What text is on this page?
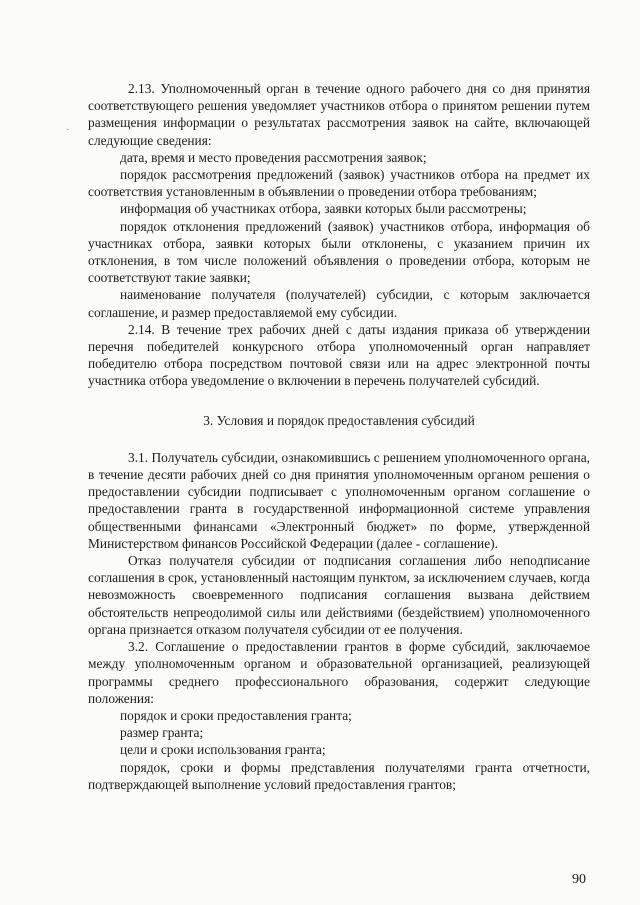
·

2.13. Уполномоченный орган в течение одного рабочего дня со дня принятия соответствующего решения уведомляет участников отбора о принятом решении путем размещения информации о результатах рассмотрения заявок на сайте, включающей следующие сведения:

дата, время и место проведения рассмотрения заявок;

порядок рассмотрения предложений (заявок) участников отбора на предмет их соответствия установленным в объявлении о проведении отбора требованиям;

информация об участниках отбора, заявки которых были рассмотрены;

порядок отклонения предложений (заявок) участников отбора, информация об участниках отбора, заявки которых были отклонены, с указанием причин их отклонения, в том числе положений объявления о проведении отбора, которым не соответствуют такие заявки;

наименование получателя (получателей) субсидии, с которым заключается соглашение, и размер предоставляемой ему субсидии.

2.14. В течение трех рабочих дней с даты издания приказа об утверждении перечня победителей конкурсного отбора уполномоченный орган направляет победителю отбора посредством почтовой связи или на адрес электронной почты участника отбора уведомление о включении в перечень получателей субсидий.

3. Условия и порядок предоставления субсидий

3.1. Получатель субсидии, ознакомившись с решением уполномоченного органа, в течение десяти рабочих дней со дня принятия уполномоченным органом решения о предоставлении субсидии подписывает с уполномоченным органом соглашение о предоставлении гранта в государственной информационной системе управления общественными финансами «Электронный бюджет» по форме, утвержденной Министерством финансов Российской Федерации (далее - соглашение).

Отказ получателя субсидии от подписания соглашения либо неподписание соглашения в срок, установленный настоящим пунктом, за исключением случаев, когда невозможность своевременного подписания соглашения вызвана действием обстоятельств непреодолимой силы или действиями (бездействием) уполномоченного органа признается отказом получателя субсидии от ее получения.

3.2. Соглашение о предоставлении грантов в форме субсидий, заключаемое между уполномоченным органом и образовательной организацией, реализующей программы среднего профессионального образования, содержит следующие положения:

порядок и сроки предоставления гранта;

размер гранта;

цели и сроки использования гранта;

порядок, сроки и формы представления получателями гранта отчетности, подтверждающей выполнение условий предоставления грантов;

90
